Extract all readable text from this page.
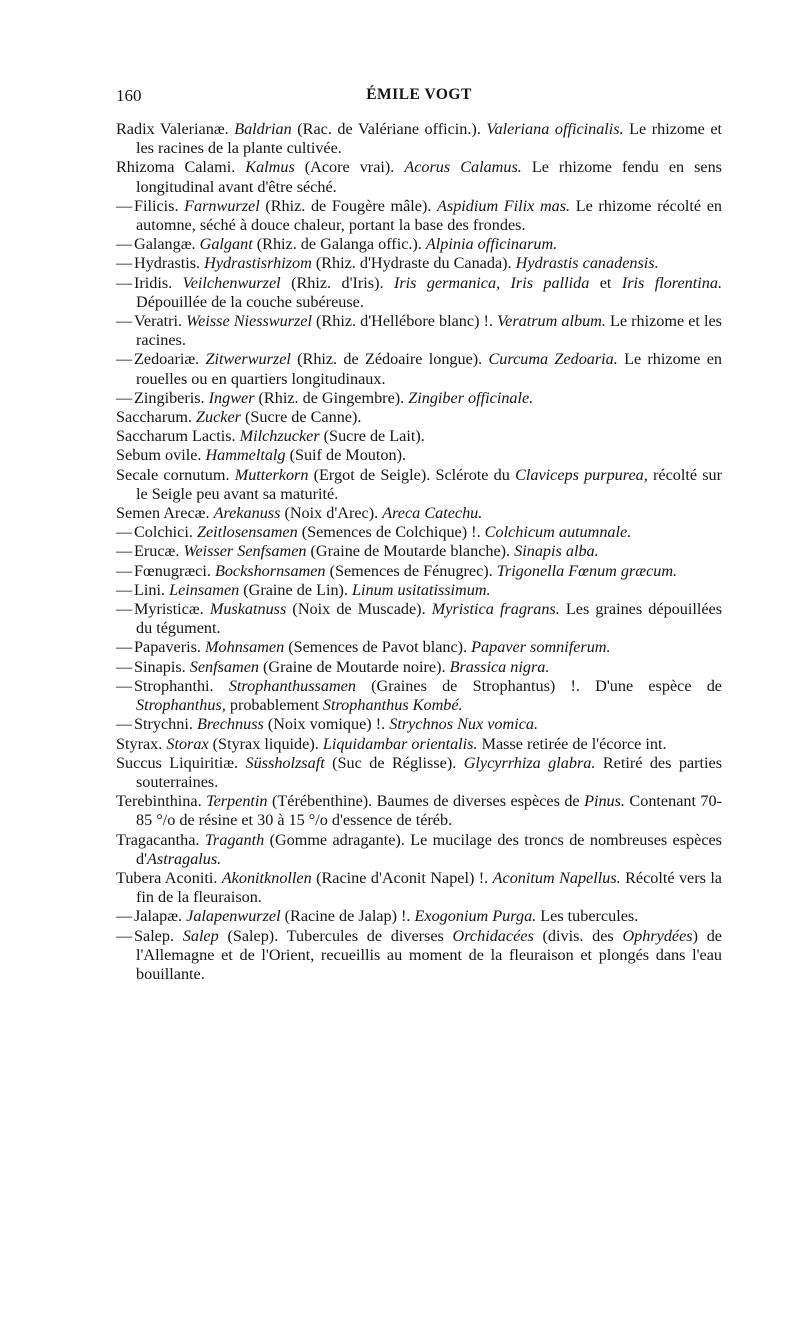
160	ÉMILE VOGT
Radix Valerianæ. Baldrian (Rac. de Valériane officin.). Valeriana officinalis. Le rhizome et les racines de la plante cultivée.
Rhizoma Calami. Kalmus (Acore vrai). Acorus Calamus. Le rhizome fendu en sens longitudinal avant d'être séché.
— Filicis. Farnwurzel (Rhiz. de Fougère mâle). Aspidium Filix mas. Le rhizome récolté en automne, séché à douce chaleur, portant la base des frondes.
— Galangæ. Galgant (Rhiz. de Galanga offic.). Alpinia officinarum.
— Hydrastis. Hydrastisrhizom (Rhiz. d'Hydraste du Canada). Hydrastis canadensis.
— Iridis. Veilchenwurzel (Rhiz. d'Iris). Iris germanica, Iris pallida et Iris florentina. Dépouillée de la couche subéreuse.
— Veratri. Weisse Niesswurzel (Rhiz. d'Hellébore blanc) !. Veratrum album. Le rhizome et les racines.
— Zedoariæ. Zitwerwurzel (Rhiz. de Zédoaire longue). Curcuma Zedoaria. Le rhizome en rouelles ou en quartiers longitudinaux.
— Zingiberis. Ingwer (Rhiz. de Gingembre). Zingiber officinale.
Saccharum. Zucker (Sucre de Canne).
Saccharum Lactis. Milchzucker (Sucre de Lait).
Sebum ovile. Hammeltalg (Suif de Mouton).
Secale cornutum. Mutterkorn (Ergot de Seigle). Sclérote du Claviceps purpurea, récolté sur le Seigle peu avant sa maturité.
Semen Arecæ. Arekanuss (Noix d'Arec). Areca Catechu.
— Colchici. Zeitlosensamen (Semences de Colchique) !. Colchicum autumnale.
— Erucæ. Weisser Senfsamen (Graine de Moutarde blanche). Sinapis alba.
— Fœnugræci. Bockshornsamen (Semences de Fénugrec). Trigonella Fœnum græcum.
— Lini. Leinsamen (Graine de Lin). Linum usitatissimum.
— Myristicæ. Muskatnuss (Noix de Muscade). Myristica fragrans. Les graines dépouillées du tégument.
— Papaveris. Mohnsamen (Semences de Pavot blanc). Papaver somniferum.
— Sinapis. Senfsamen (Graine de Moutarde noire). Brassica nigra.
— Strophanthi. Strophanthussamen (Graines de Strophantus) !. D'une espèce de Strophanthus, probablement Strophanthus Kombé.
— Strychni. Brechnuss (Noix vomique) !. Strychnos Nux vomica.
Styrax. Storax (Styrax liquide). Liquidambar orientalis. Masse retirée de l'écorce int.
Succus Liquiritiæ. Süssholzsaft (Suc de Réglisse). Glycyrrhiza glabra. Retiré des parties souterraines.
Terebinthina. Terpentin (Térébenthine). Baumes de diverses espèces de Pinus. Contenant 70-85 °/o de résine et 30 à 15 °/o d'essence de téréb.
Tragacantha. Traganth (Gomme adragante). Le mucilage des troncs de nombreuses espèces d'Astragalus.
Tubera Aconiti. Akonitknollen (Racine d'Aconit Napel) !. Aconitum Napellus. Récolté vers la fin de la fleuraison.
— Jalapæ. Jalapenwurzel (Racine de Jalap) !. Exogonium Purga. Les tubercules.
— Salep. Salep (Salep). Tubercules de diverses Orchidacées (divis. des Ophrydées) de l'Allemagne et de l'Orient, recueillis au moment de la fleuraison et plongés dans l'eau bouillante.
